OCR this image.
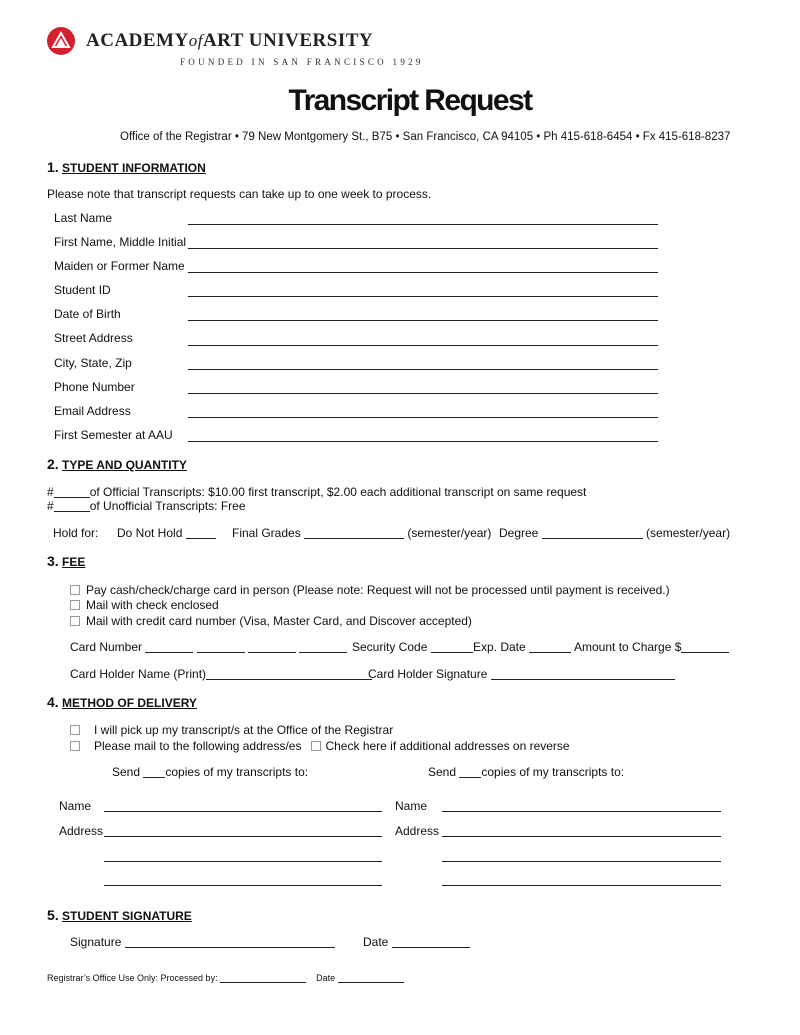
ACADEMYofART UNIVERSITY
FOUNDED IN SAN FRANCISCO 1929
Transcript Request
Office of the Registrar • 79 New Montgomery St., B75 • San Francisco, CA 94105 • Ph 415-618-6454 • Fx 415-618-8237
1. STUDENT INFORMATION
Please note that transcript requests can take up to one week to process.
Last Name
First Name, Middle Initial
Maiden or Former Name
Student ID
Date of Birth
Street Address
City, State, Zip
Phone Number
Email Address
First Semester at AAU
2. TYPE AND QUANTITY
#	of Official Transcripts: $10.00 first transcript, $2.00 each additional transcript on same request
#	of Unofficial Transcripts: Free
Hold for: Do Not Hold	Final Grades	(semester/year) Degree	(semester/year)
3. FEE
Pay cash/check/charge card in person (Please note: Request will not be processed until payment is received.)
Mail with check enclosed
Mail with credit card number (Visa, Master Card, and Discover accepted)
Card Number	Security Code	Exp. Date	Amount to Charge $
Card Holder Name (Print)	Card Holder Signature
4. METHOD OF DELIVERY
I will pick up my transcript/s at the Office of the Registrar
Please mail to the following address/es Check here if additional addresses on reverse
Send copies of my transcripts to:	Send copies of my transcripts to:
Name
Address
Name
Address
5. STUDENT SIGNATURE
Signature	Date
Registrar’s Office Use Only: Processed by:	Date
